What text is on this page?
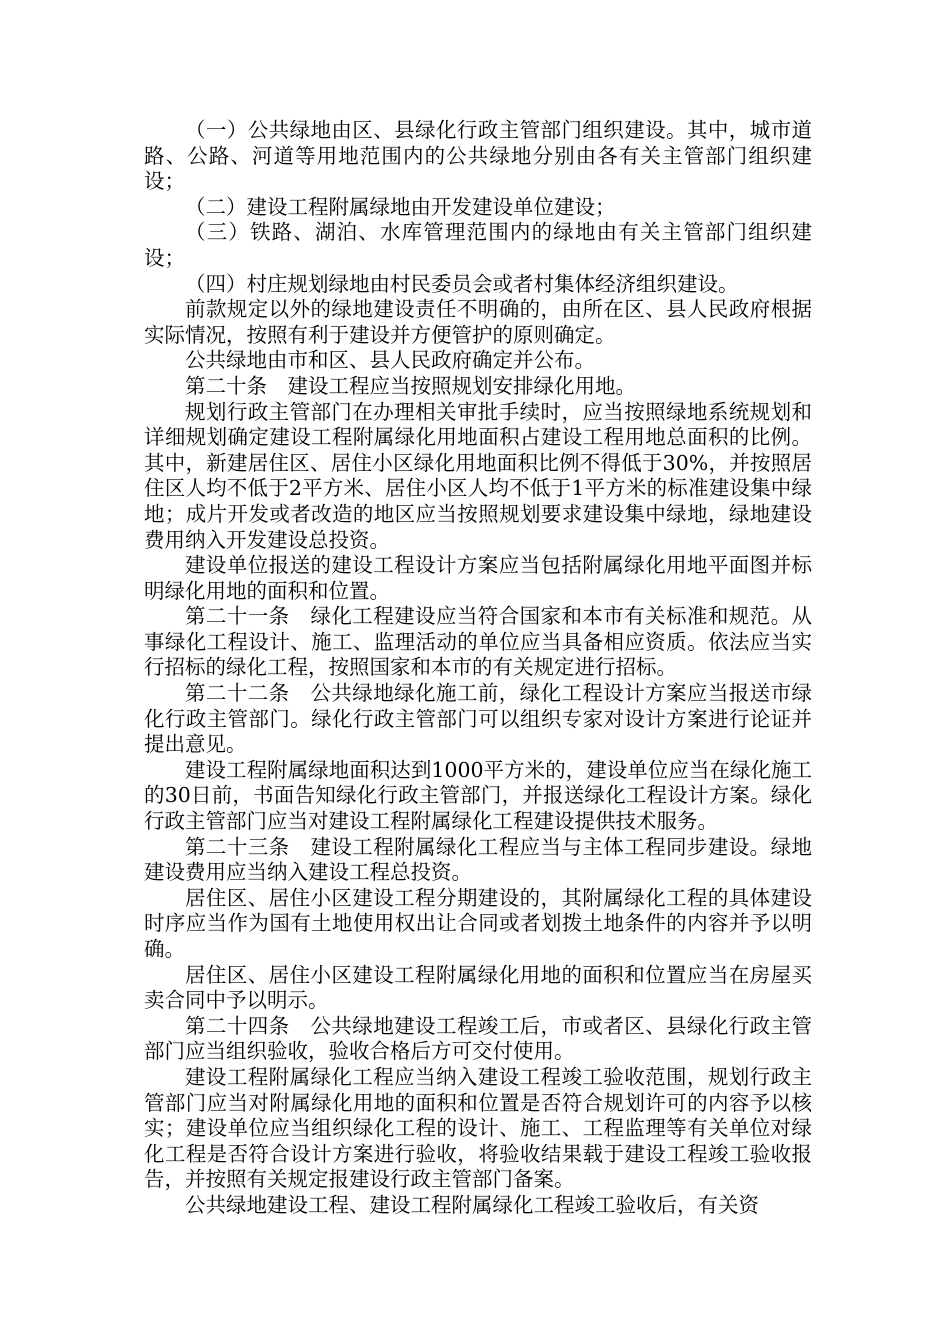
（一）公共绿地由区、县绿化行政主管部门组织建设。其中，城市道路、公路、河道等用地范围内的公共绿地分别由各有关主管部门组织建设；

（二）建设工程附属绿地由开发建设单位建设；

（三）铁路、湖泊、水库管理范围内的绿地由有关主管部门组织建设；

（四）村庄规划绿地由村民委员会或者村集体经济组织建设。

前款规定以外的绿地建设责任不明确的，由所在区、县人民政府根据实际情况，按照有利于建设并方便管护的原则确定。

公共绿地由市和区、县人民政府确定并公布。

第二十条　建设工程应当按照规划安排绿化用地。

规划行政主管部门在办理相关审批手续时，应当按照绿地系统规划和详细规划确定建设工程附属绿化用地面积占建设工程用地总面积的比例。其中，新建居住区、居住小区绿化用地面积比例不得低于30%，并按照居住区人均不低于2平方米、居住小区人均不低于1平方米的标准建设集中绿地；成片开发或者改造的地区应当按照规划要求建设集中绿地，绿地建设费用纳入开发建设总投资。

建设单位报送的建设工程设计方案应当包括附属绿化用地平面图并标明绿化用地的面积和位置。

第二十一条　绿化工程建设应当符合国家和本市有关标准和规范。从事绿化工程设计、施工、监理活动的单位应当具备相应资质。依法应当实行招标的绿化工程，按照国家和本市的有关规定进行招标。

第二十二条　公共绿地绿化施工前，绿化工程设计方案应当报送市绿化行政主管部门。绿化行政主管部门可以组织专家对设计方案进行论证并提出意见。

建设工程附属绿地面积达到1000平方米的，建设单位应当在绿化施工的30日前，书面告知绿化行政主管部门，并报送绿化工程设计方案。绿化行政主管部门应当对建设工程附属绿化工程建设提供技术服务。

第二十三条　建设工程附属绿化工程应当与主体工程同步建设。绿地建设费用应当纳入建设工程总投资。

居住区、居住小区建设工程分期建设的，其附属绿化工程的具体建设时序应当作为国有土地使用权出让合同或者划拨土地条件的内容并予以明确。

居住区、居住小区建设工程附属绿化用地的面积和位置应当在房屋买卖合同中予以明示。

第二十四条　公共绿地建设工程竣工后，市或者区、县绿化行政主管部门应当组织验收，验收合格后方可交付使用。

建设工程附属绿化工程应当纳入建设工程竣工验收范围，规划行政主管部门应当对附属绿化用地的面积和位置是否符合规划许可的内容予以核实；建设单位应当组织绿化工程的设计、施工、工程监理等有关单位对绿化工程是否符合设计方案进行验收，将验收结果载于建设工程竣工验收报告，并按照有关规定报建设行政主管部门备案。

公共绿地建设工程、建设工程附属绿化工程竣工验收后，有关资
